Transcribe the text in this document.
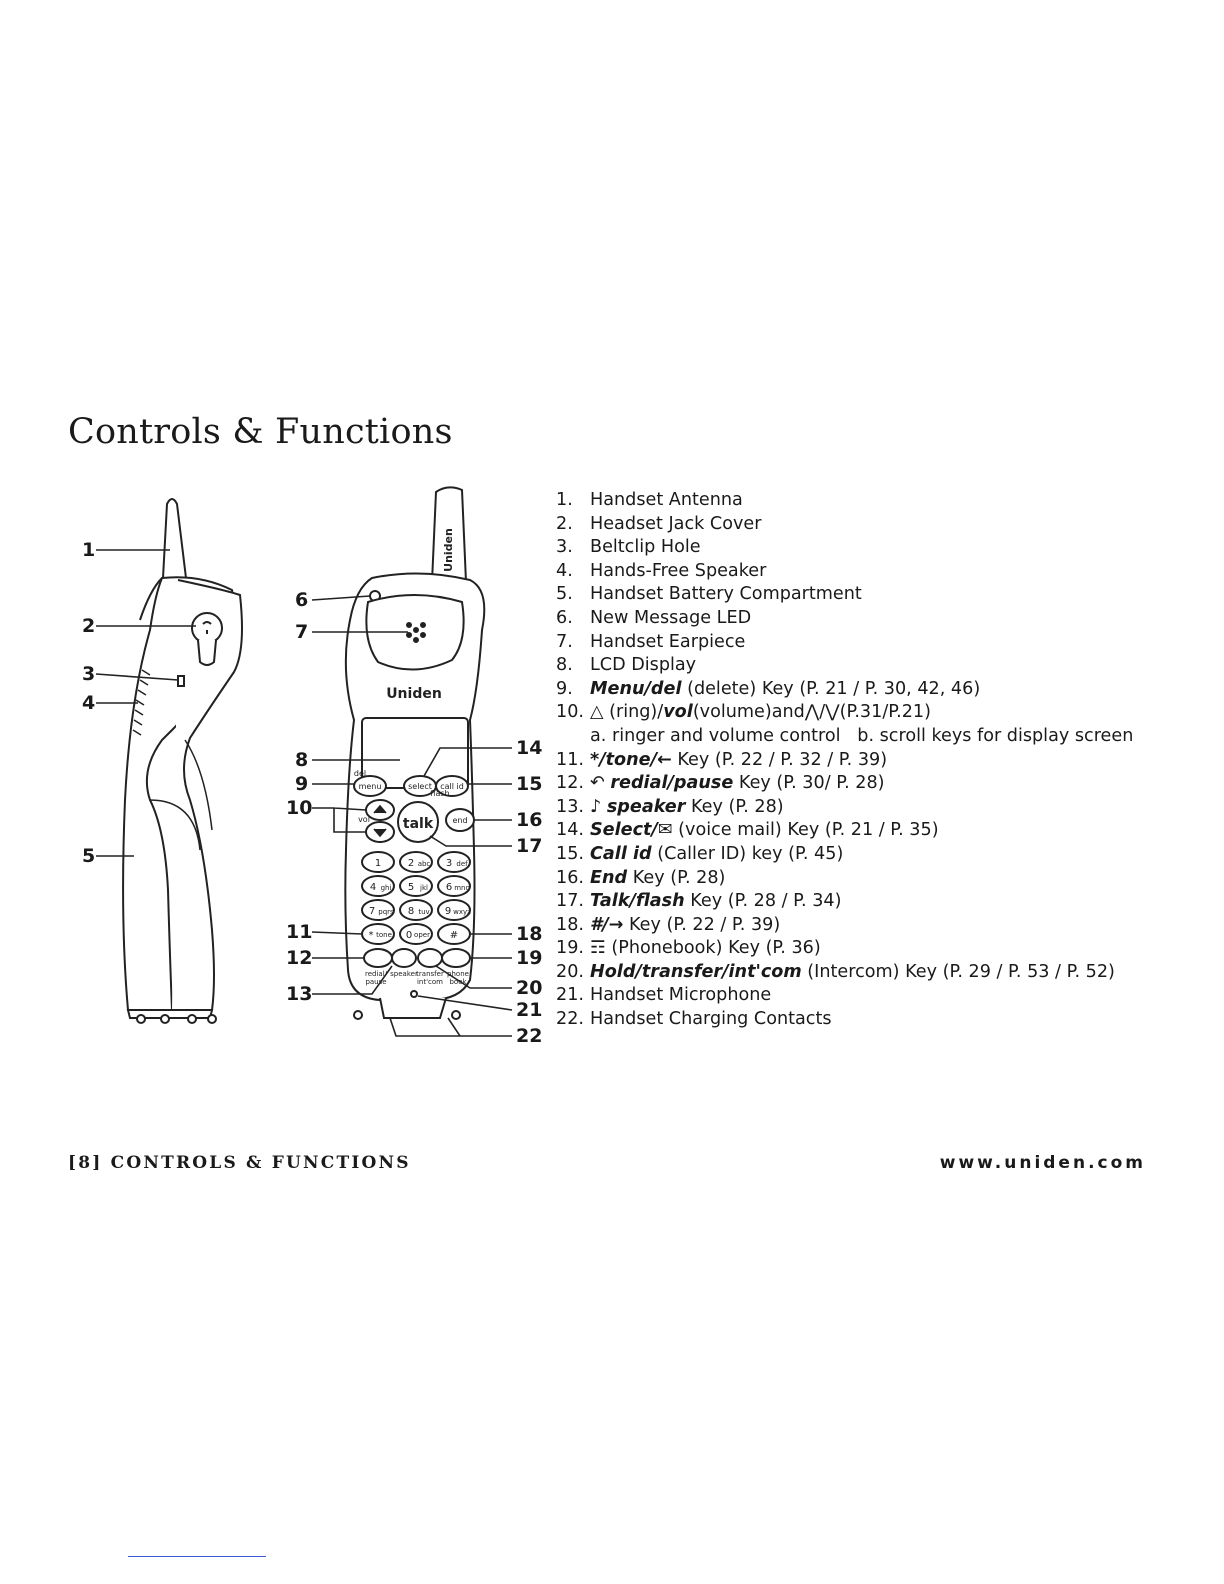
Controls & Functions
Uniden
Uniden
menu
del
select call id
vol talk
flash
end
1	2 abc 3 def
4 ghi 5 jkl 6 mno
7 pqrs 8 tuv 9 wxyz
* tone 0 oper #
redial/
pause
speaker
transfer
int'com
phone
book
1
2
3
4
5
6
7
8
9
10
11
12
13
14
15
16
17
18
19
20
21
22
1. Handset Antenna
2. Headset Jack Cover
3. Beltclip Hole
4. Hands-Free Speaker
5. Handset Battery Compartment
6. New Message LED
7. Handset Earpiece
8. LCD Display
9. Menu/del (delete) Key (P. 21 / P. 30, 42, 46)
10. △ (ring)/vol(volume)and⋀/⋁(P.31/P.21)
a. ringer and volume control   b. scroll keys for display screen
11. */tone/← Key (P. 22 / P. 32 / P. 39)
12. ↶ redial/pause Key (P. 30/ P. 28)
13. ♪ speaker Key (P. 28)
14. Select/✉ (voice mail) Key (P. 21 / P. 35)
15. Call id (Caller ID) key (P. 45)
16. End Key (P. 28)
17. Talk/flash Key (P. 28 / P. 34)
18. #/→ Key (P. 22 / P. 39)
19. ☶ (Phonebook) Key (P. 36)
20. Hold/transfer/int'com (Intercom) Key (P. 29 / P. 53 / P. 52)
21. Handset Microphone
22. Handset Charging Contacts
[8] CONTROLS & FUNCTIONS	www.uniden.com
